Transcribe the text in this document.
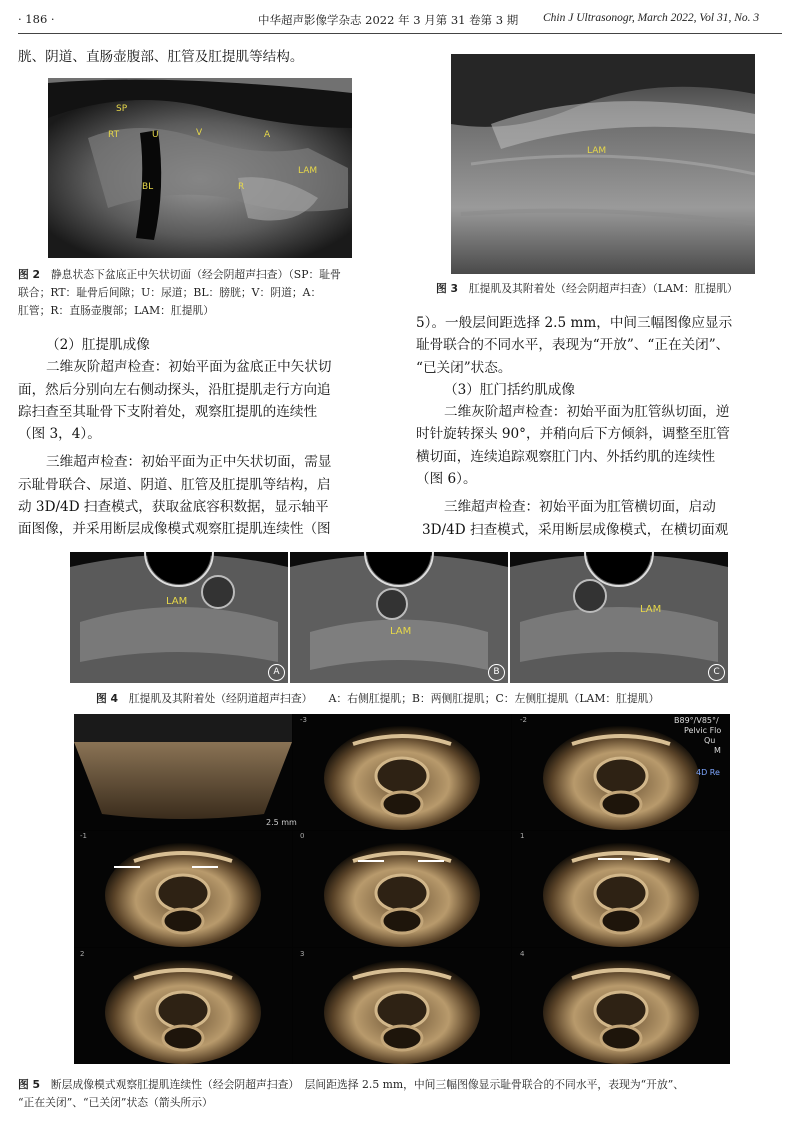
· 186 ·	中华超声影像学杂志 2022 年 3 月第 31 卷第 3 期 Chin J Ultrasonogr, March 2022, Vol 31, No. 3

胱、阴道、直肠壶腹部、肛管及肛提肌等结构。

SP
RT	U	V	A
BL	R
LAM
图 2　 静息状态下盆底正中矢状切面（经会阴超声扫查）（SP：耻骨
联合；RT：耻骨后间隙；U：尿道；BL：膀胱；V：阴道；A：
肛管；R：直肠壶腹部；LAM：肛提肌）

（2）肛提肌成像

二维灰阶超声检查：初始平面为盆底正中矢状切

面，然后分别向左右侧动探头，沿肛提肌走行方向追

踪扫查至其耻骨下支附着处，观察肛提肌的连续性

（图 3，4）。

三维超声检查：初始平面为正中矢状切面，需显

示耻骨联合、尿道、阴道、肛管及肛提肌等结构，启

动 3D/4D 扫查模式，获取盆底容积数据，显示轴平

面图像，并采用断层成像模式观察肛提肌连续性（图

LAM
图 3　 肛提肌及其附着处（经会阴超声扫查）（LAM：肛提肌）

5）。一般层间距选择 2.5 mm，中间三幅图像应显示

耻骨联合的不同水平，表现为“开放”、“正在关闭”、

“已关闭”状态。

（3）肛门括约肌成像

二维灰阶超声检查：初始平面为肛管纵切面，逆

时针旋转探头 90°，并稍向后下方倾斜，调整至肛管

横切面，连续追踪观察肛门内、外括约肌的连续性

（图 6）。

三维超声检查：初始平面为肛管横切面，启动

3D/4D 扫查模式，采用断层成像模式，在横切面观

LAM
A
LAM
B
LAM
C
图 4　 肛提肌及其附着处（经阴道超声扫查）　　 A：右侧肛提肌；B：两侧肛提肌；C：左侧肛提肌（LAM：肛提肌）
2.5 mm
B89°/V85°/
Pelvic Flo
Qu
M
4D Re
-3	-2
-1	0	1
2	3	4
图 5　 断层成像模式观察肛提肌连续性（经会阴超声扫查）　层间距选择 2.5 mm，中间三幅图像显示耻骨联合的不同水平，表现为“开放”、
“正在关闭”、“已关闭”状态（箭头所示）
